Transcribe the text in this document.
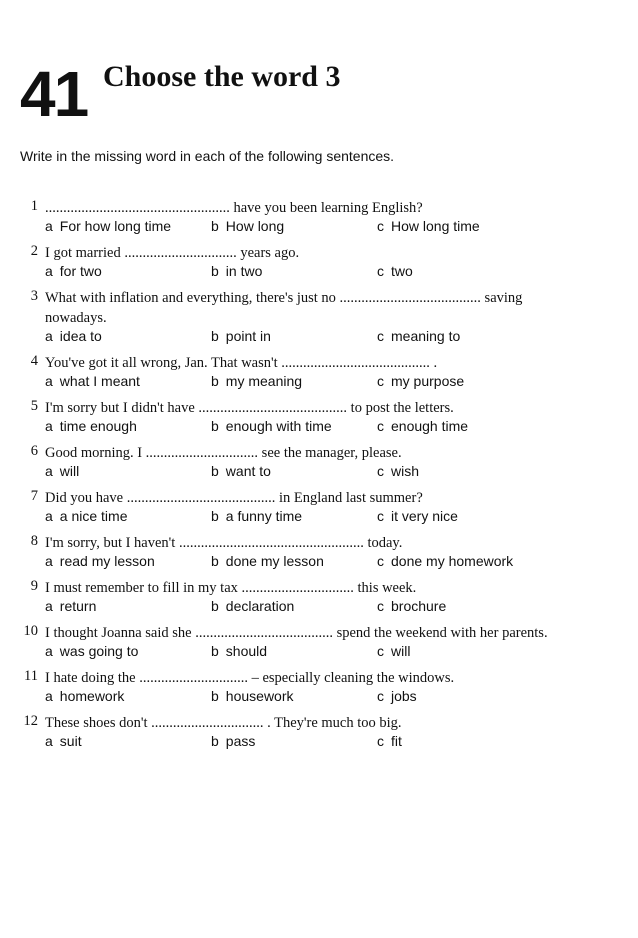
41 Choose the word 3
Write in the missing word in each of the following sentences.
1 ................................................... have you been learning English?
a For how long time	b How long	c How long time
2 I got married ............................... years ago.
a for two	b in two	c two
3 What with inflation and everything, there's just no ....................................... saving nowadays.
a idea to	b point in	c meaning to
4 You've got it all wrong, Jan. That wasn't ......................................... .
a what I meant	b my meaning	c my purpose
5 I'm sorry but I didn't have ......................................... to post the letters.
a time enough	b enough with time	c enough time
6 Good morning. I ............................... see the manager, please.
a will	b want to	c wish
7 Did you have ......................................... in England last summer?
a a nice time	b a funny time	c it very nice
8 I'm sorry, but I haven't ................................................... today.
a read my lesson	b done my lesson	c done my homework
9 I must remember to fill in my tax ............................... this week.
a return	b declaration	c brochure
10 I thought Joanna said she ...................................... spend the weekend with her parents.
a was going to	b should	c will
11 I hate doing the .............................. – especially cleaning the windows.
a homework	b housework	c jobs
12 These shoes don't ............................... . They're much too big.
a suit	b pass	c fit
